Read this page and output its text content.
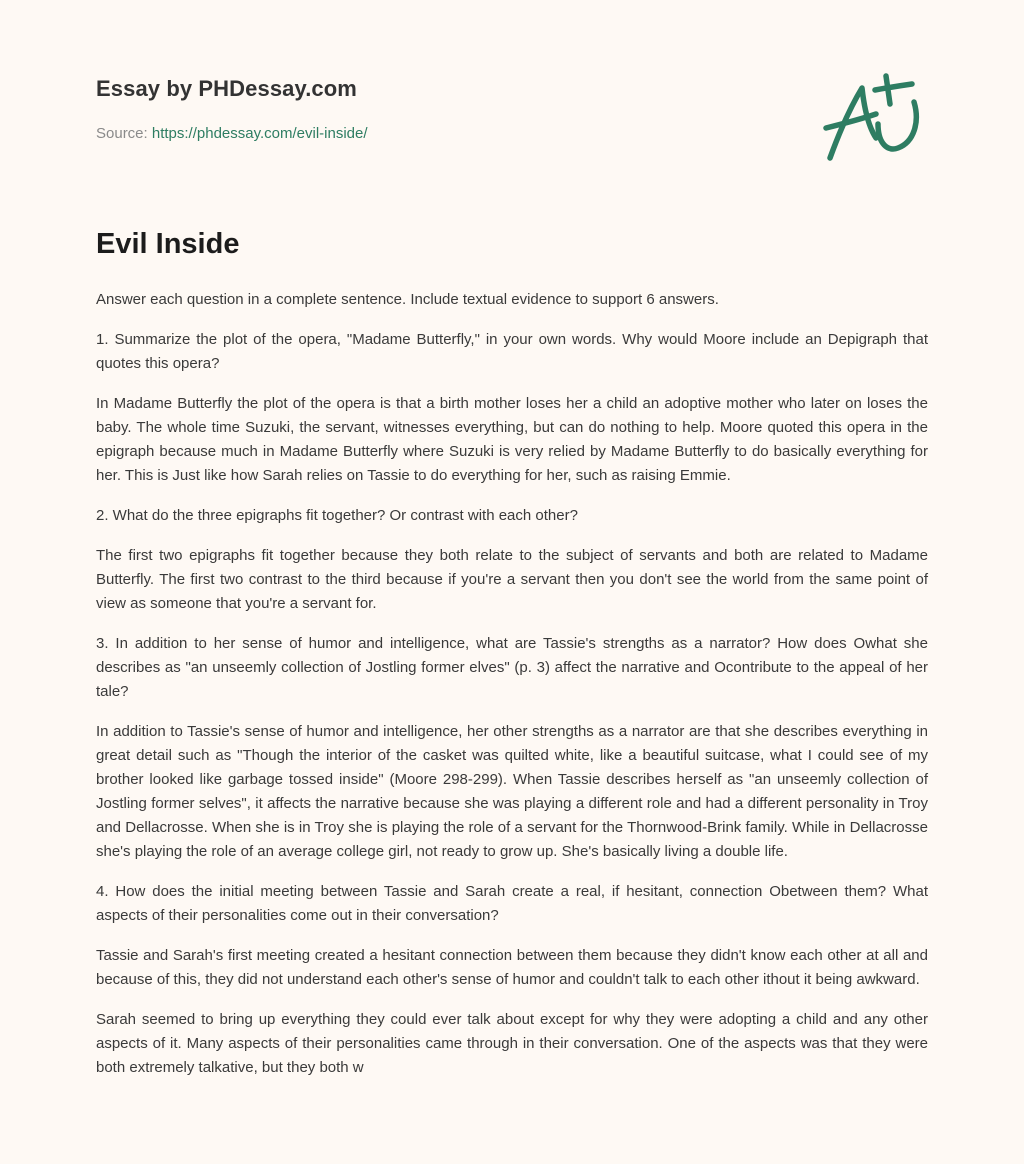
Essay by PHDessay.com
Source: https://phdessay.com/evil-inside/
Evil Inside

Answer each question in a complete sentence. Include textual evidence to support 6 answers.

1. Summarize the plot of the opera, "Madame Butterfly," in your own words. Why would Moore include an Depigraph that quotes this opera?

In Madame Butterfly the plot of the opera is that a birth mother loses her a child an adoptive mother who later on loses the baby. The whole time Suzuki, the servant, witnesses everything, but can do nothing to help. Moore quoted this opera in the epigraph because much in Madame Butterfly where Suzuki is very relied by Madame Butterfly to do basically everything for her. This is Just like how Sarah relies on Tassie to do everything for her, such as raising Emmie.

2. What do the three epigraphs fit together? Or contrast with each other?

The first two epigraphs fit together because they both relate to the subject of servants and both are related to Madame Butterfly. The first two contrast to the third because if you're a servant then you don't see the world from the same point of view as someone that you're a servant for.

3. In addition to her sense of humor and intelligence, what are Tassie's strengths as a narrator? How does Owhat she describes as "an unseemly collection of Jostling former elves" (p. 3) affect the narrative and Ocontribute to the appeal of her tale?

In addition to Tassie's sense of humor and intelligence, her other strengths as a narrator are that she describes everything in great detail such as "Though the interior of the casket was quilted white, like a beautiful suitcase, what I could see of my brother looked like garbage tossed inside" (Moore 298-299). When Tassie describes herself as "an unseemly collection of Jostling former selves", it affects the narrative because she was playing a different role and had a different personality in Troy and Dellacrosse. When she is in Troy she is playing the role of a servant for the Thornwood-Brink family. While in Dellacrosse she's playing the role of an average college girl, not ready to grow up. She's basically living a double life.

4. How does the initial meeting between Tassie and Sarah create a real, if hesitant, connection Obetween them? What aspects of their personalities come out in their conversation?

Tassie and Sarah's first meeting created a hesitant connection between them because they didn't know each other at all and because of this, they did not understand each other's sense of humor and couldn't talk to each other ithout it being awkward.

Sarah seemed to bring up everything they could ever talk about except for why they were adopting a child and any other aspects of it. Many aspects of their personalities came through in their conversation. One of the aspects was that they were both extremely talkative, but they both w
